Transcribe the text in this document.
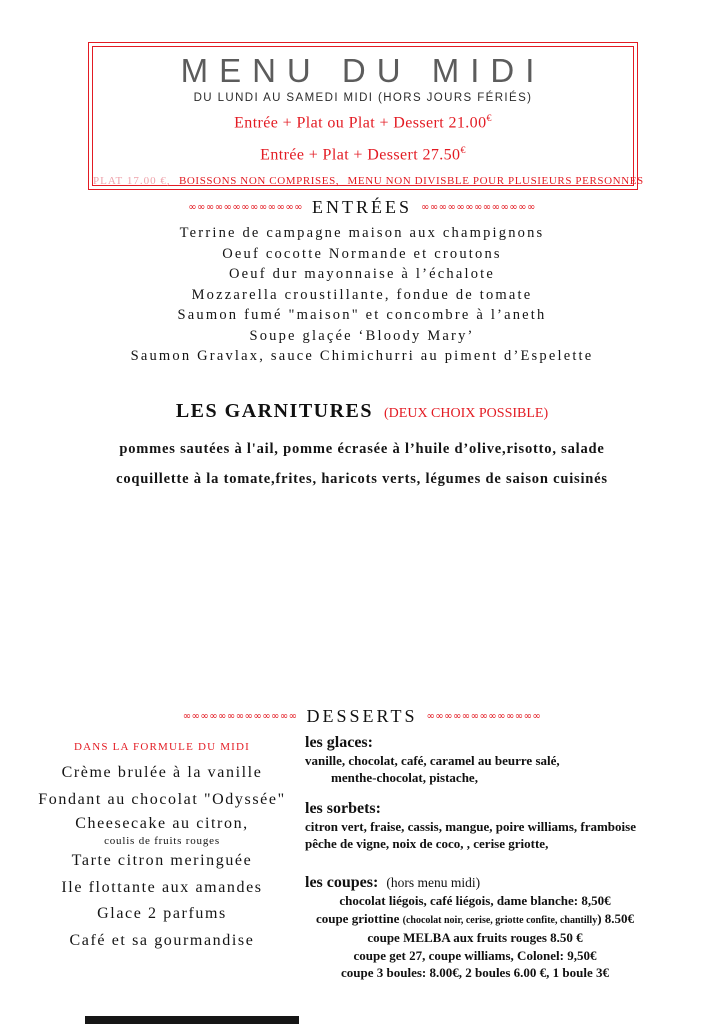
MENU DU MIDI
DU LUNDI AU SAMEDI MIDI (HORS JOURS FÉRIÉS)
Entrée + Plat ou Plat + Dessert 21.00€
Entrée + Plat + Dessert 27.50€
PLAT 17.00 €, BOISSONS NON COMPRISES, MENU NON DIVISBLE POUR PLUSIEURS PERSONNES
∞∞∞∞∞∞∞∞∞∞∞∞∞ ENTRÉES ∞∞∞∞∞∞∞∞∞∞∞∞∞
Terrine de campagne maison aux champignons
Oeuf cocotte Normande et croutons
Oeuf dur mayonnaise à l’échalote
Mozzarella croustillante, fondue de tomate
Saumon fumé "maison" et concombre à l’aneth
Soupe glaçée ‘Bloody Mary’
Saumon Gravlax, sauce Chimichurri au piment d’Espelette
LES GARNITURES (DEUX CHOIX POSSIBLE)
pommes sautées à l'ail, pomme écrasée à l’huile d’olive,risotto, salade
coquillette à la tomate,frites, haricots verts, légumes de saison cuisinés
∞∞∞∞∞∞∞∞∞∞∞∞∞ DESSERTS ∞∞∞∞∞∞∞∞∞∞∞∞∞
DANS LA FORMULE DU MIDI
Crème brulée à la vanille
Fondant au chocolat "Odyssée"
Cheesecake au citron,
coulis de fruits rouges
Tarte citron meringuée
Ile flottante aux amandes
Glace 2 parfums
Café et sa gourmandise
les glaces:
vanille, chocolat, café, caramel au beurre salé,
menthe-chocolat, pistache,
les sorbets:
citron vert, fraise, cassis, mangue, poire williams, framboise
pêche de vigne, noix de coco, , cerise griotte,
les coupes: (hors menu midi)
chocolat liégois, café liégois, dame blanche: 8,50€
coupe griottine (chocolat noir, cerise, griotte confite, chantilly) 8.50€
coupe MELBA aux fruits rouges 8.50 €
coupe get 27, coupe williams, Colonel: 9,50€
coupe 3 boules: 8.00€, 2 boules 6.00 €, 1 boule 3€
